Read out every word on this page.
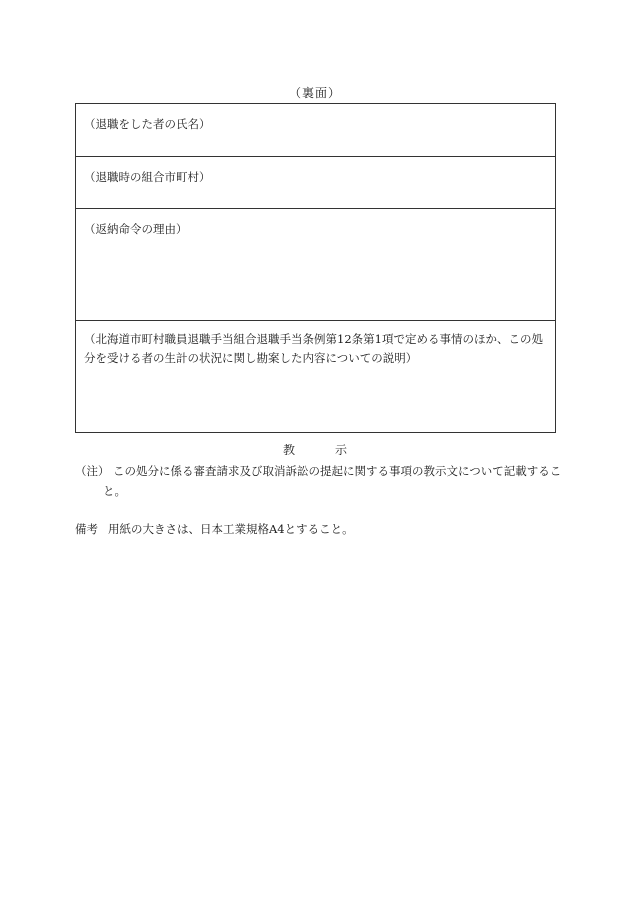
（裏面）
（退職をした者の氏名）
（退職時の組合市町村）
（返納命令の理由）
（北海道市町村職員退職手当組合退職手当条例第12条第1項で定める事情のほか、この処分を受ける者の生計の状況に関し勘案した内容についての説明）
教	示
（注） この処分に係る審査請求及び取消訴訟の提起に関する事項の教示文について記載すること。
備考 用紙の大きさは、日本工業規格A4とすること。
